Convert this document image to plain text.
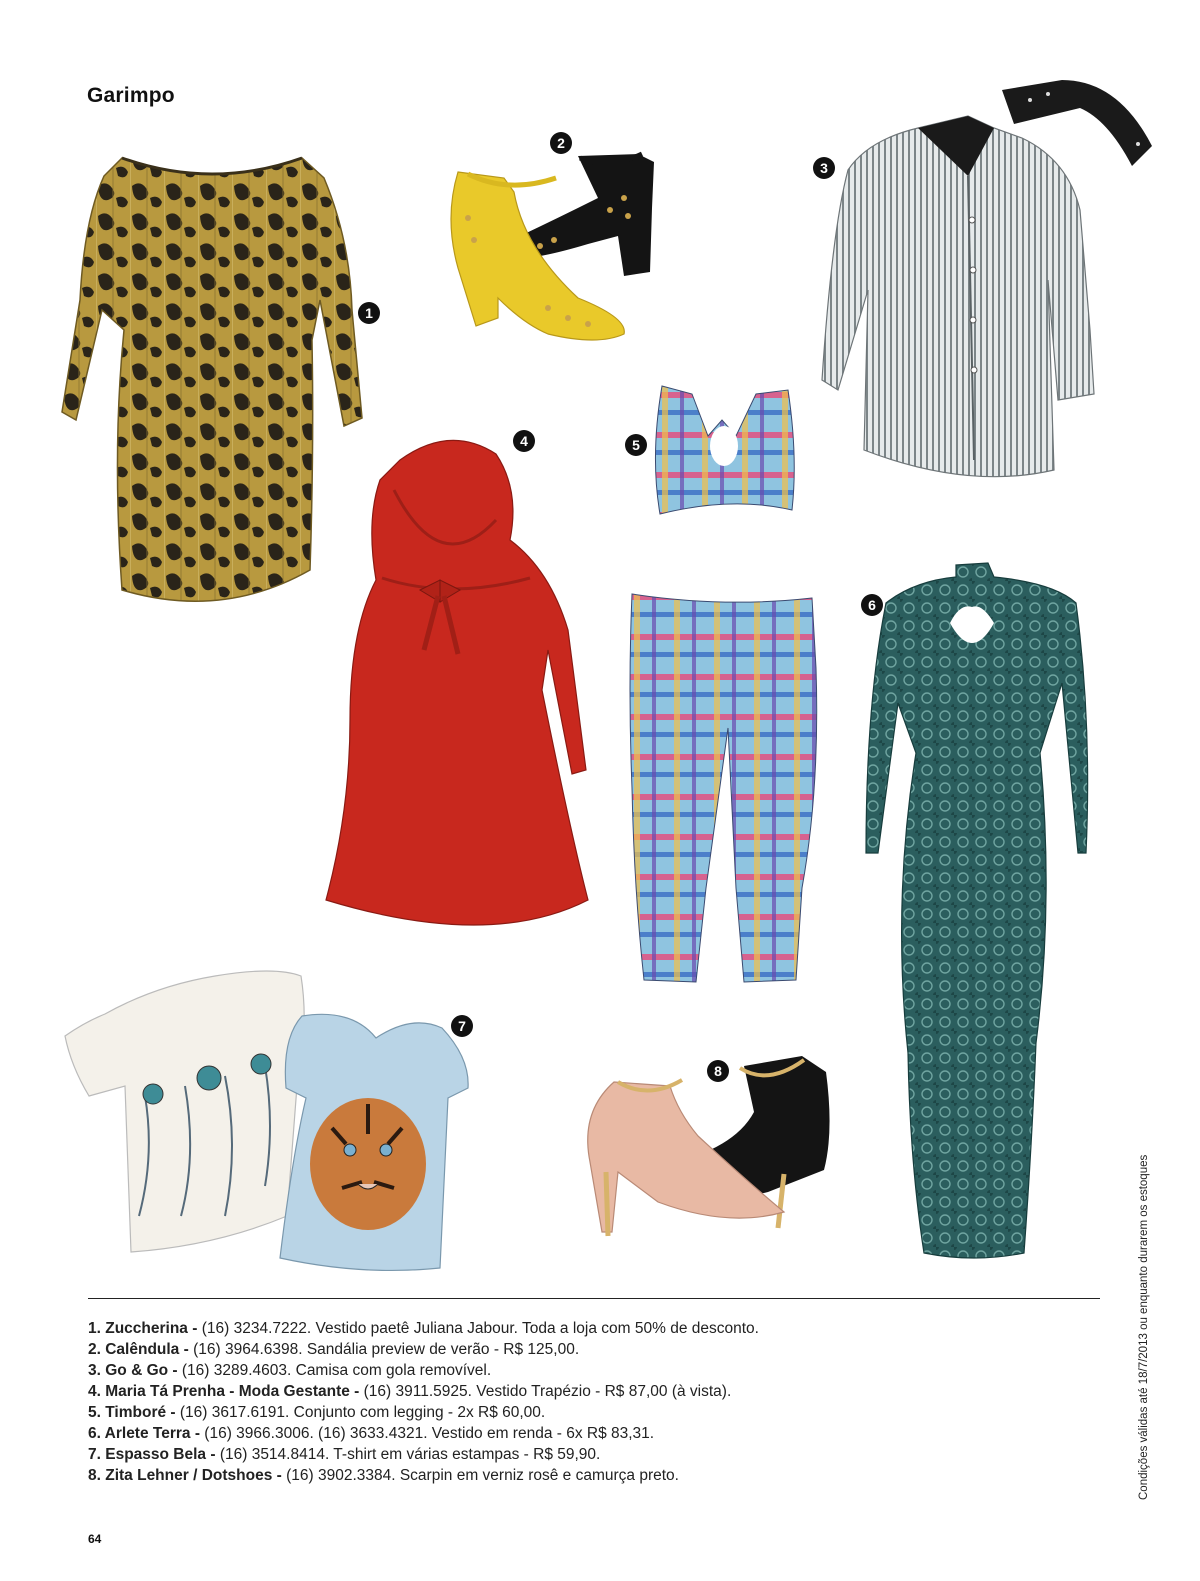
Garimpo
1
2
3
4	5
6
7
8
1. Zuccherina - (16) 3234.7222. Vestido paetê Juliana Jabour. Toda a loja com 50% de desconto.
2. Calêndula - (16) 3964.6398. Sandália preview de verão - R$ 125,00.
3. Go & Go - (16) 3289.4603. Camisa com gola removível.
4. Maria Tá Prenha - Moda Gestante - (16) 3911.5925. Vestido Trapézio - R$ 87,00 (à vista).
5. Timboré - (16) 3617.6191. Conjunto com legging - 2x R$ 60,00.
6. Arlete Terra - (16) 3966.3006. (16) 3633.4321. Vestido em renda - 6x R$ 83,31.
7. Espasso Bela - (16) 3514.8414. T-shirt em várias estampas - R$ 59,90.
8. Zita Lehner / Dotshoes - (16) 3902.3384. Scarpin em verniz rosê e camurça preto.	Condições válidas até 18/7/2013 ou enquanto durarem os estoques
64
